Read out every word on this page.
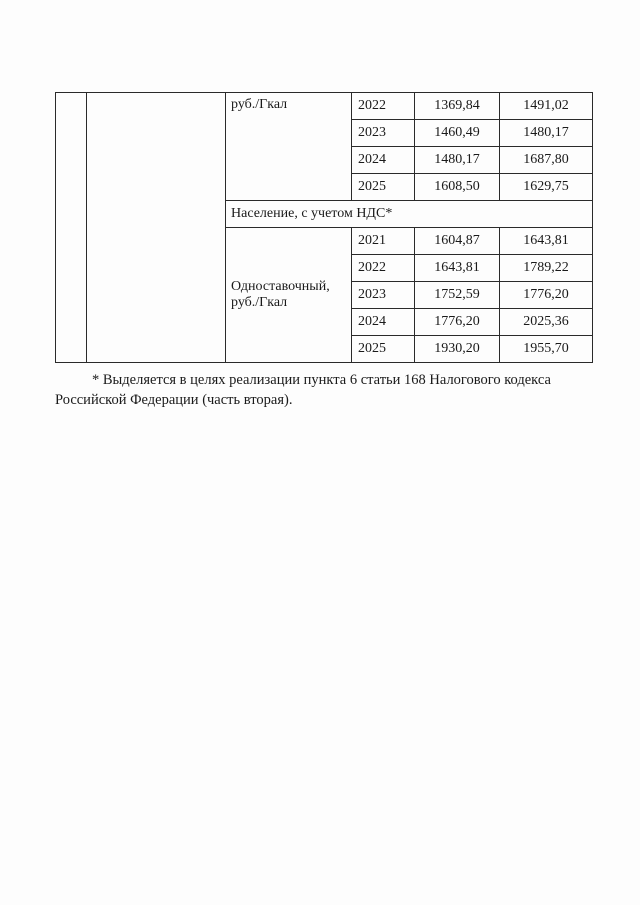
		руб./Гкал	2022	1369,84	1491,02
			2023	1460,49	1480,17
			2024	1480,17	1687,80
			2025	1608,50	1629,75
		Население, с учетом НДС*			
		Одноставочный, руб./Гкал	2021	1604,87	1643,81
			2022	1643,81	1789,22
			2023	1752,59	1776,20
			2024	1776,20	2025,36
			2025	1930,20	1955,70

* Выделяется в целях реализации пункта 6 статьи 168 Налогового кодекса Российской Федерации (часть вторая).
